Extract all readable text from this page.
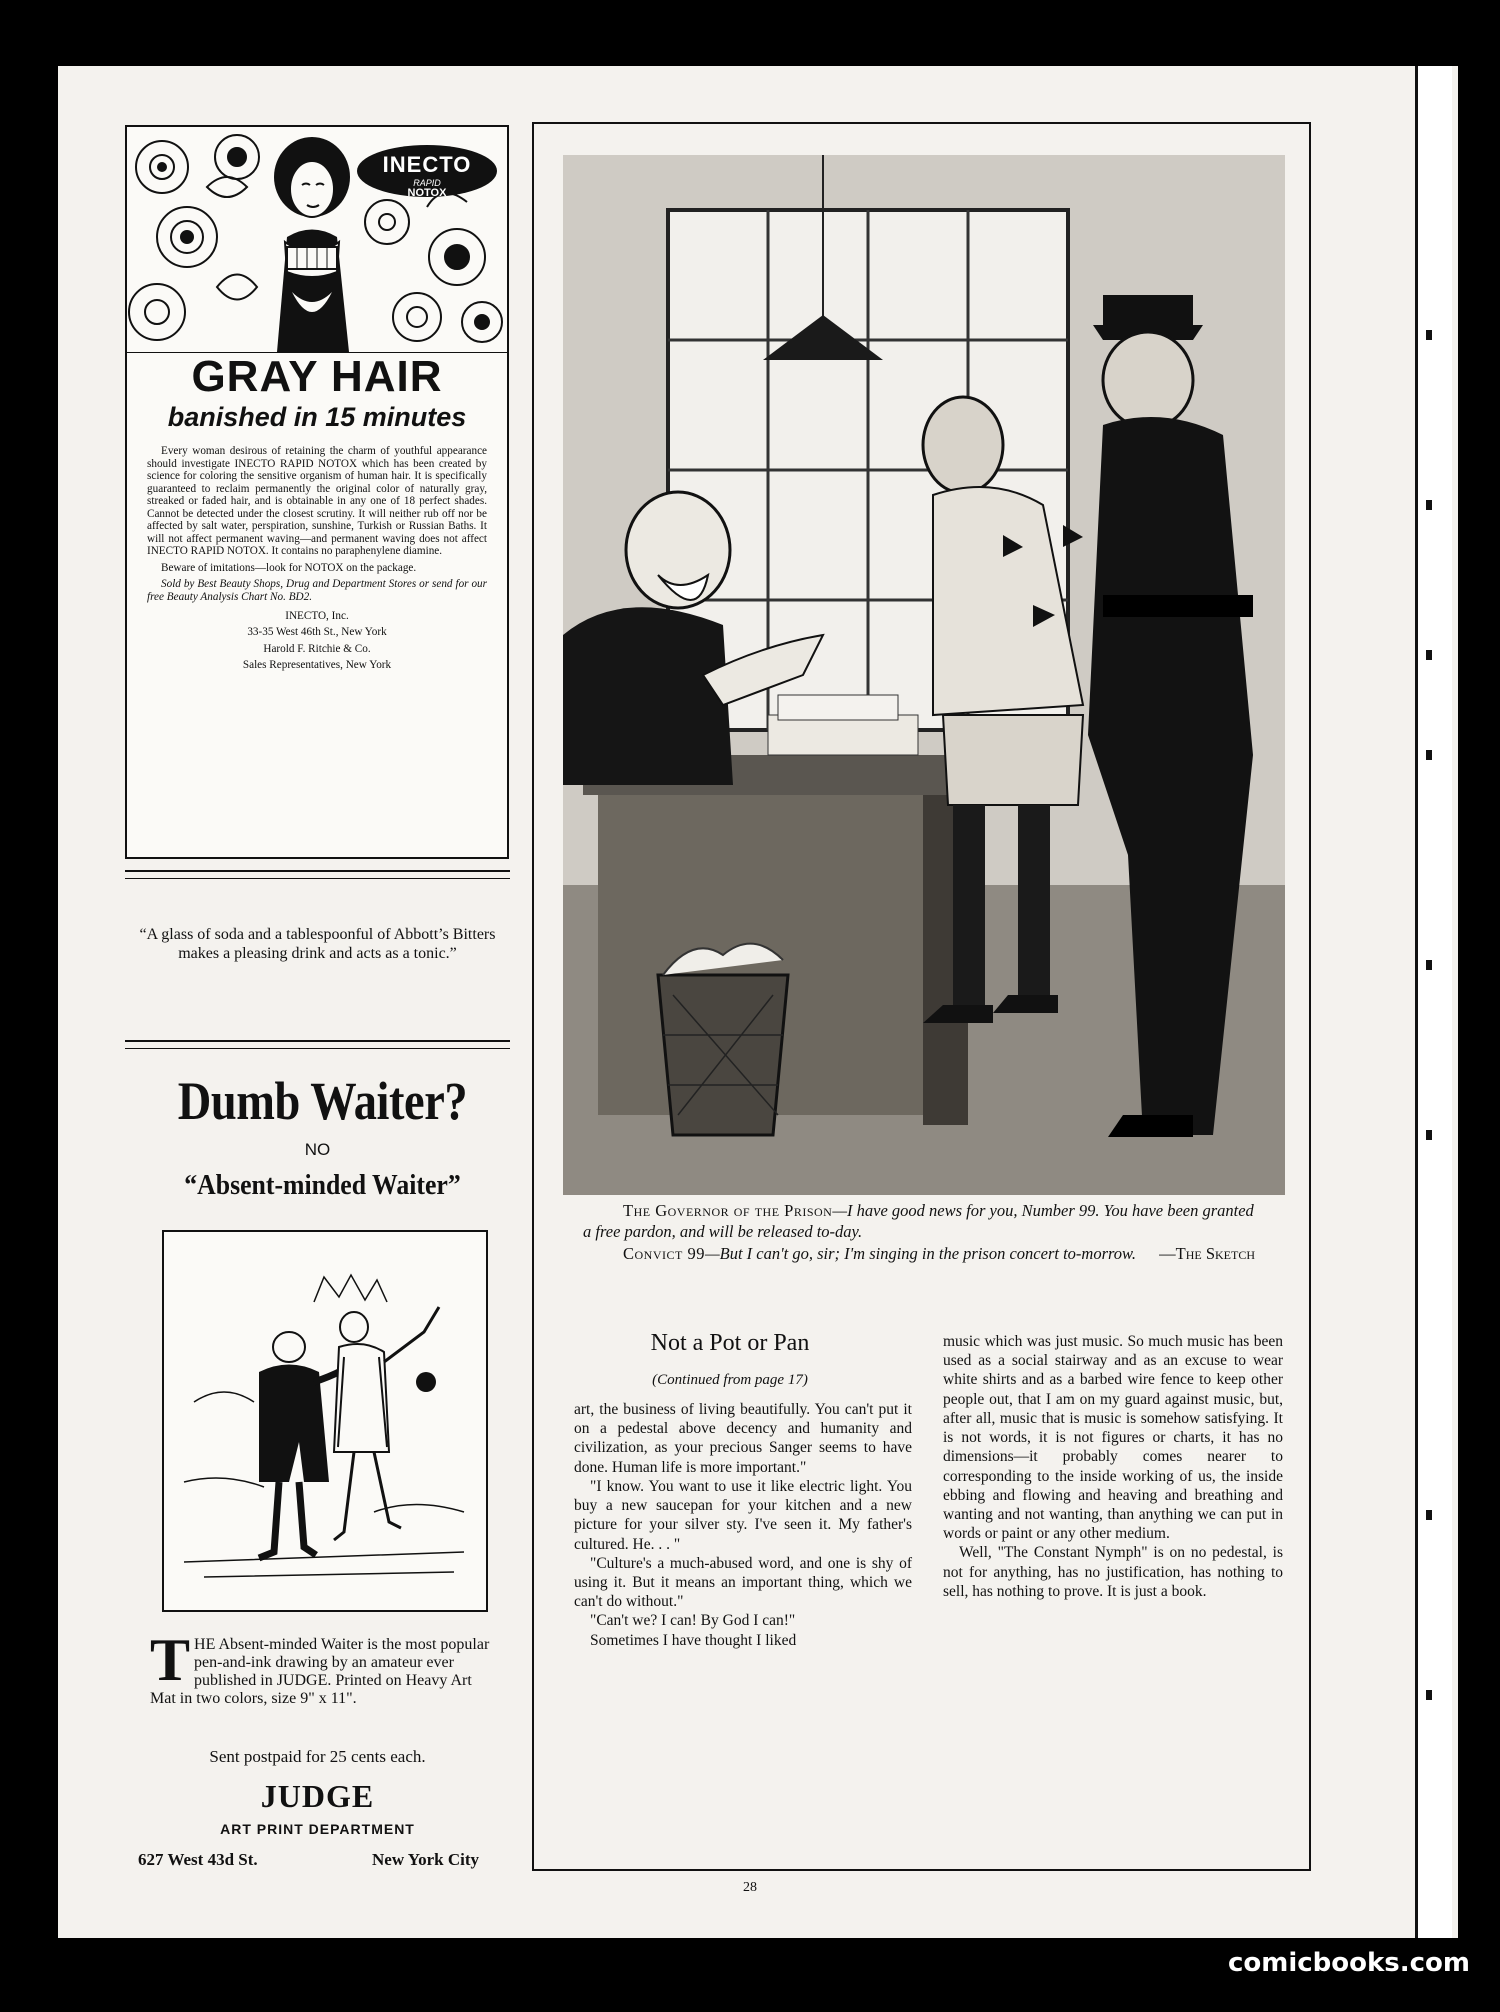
INECTO
RAPID
NOTOX
GRAY HAIR
banished in 15 minutes

Every woman desirous of retaining the charm of youthful appearance should investigate INECTO RAPID NOTOX which has been created by science for coloring the sensitive organism of human hair. It is specifically guaranteed to reclaim permanently the original color of naturally gray, streaked or faded hair, and is obtainable in any one of 18 perfect shades. Cannot be detected under the closest scrutiny. It will neither rub off nor be affected by salt water, perspiration, sunshine, Turkish or Russian Baths. It will not affect permanent waving—and permanent waving does not affect INECTO RAPID NOTOX. It contains no paraphenylene diamine.

Beware of imitations—look for NOTOX on the package.

Sold by Best Beauty Shops, Drug and Department Stores or send for our free Beauty Analysis Chart No. BD2.

INECTO, Inc.

33-35 West 46th St., New York

Harold F. Ritchie & Co.

Sales Representatives, New York

“A glass of soda and a tablespoonful of Abbott’s Bitters makes a pleasing drink and acts as a tonic.”
Dumb Waiter?
NO
“Absent-minded Waiter”
THE Absent-minded Waiter is the most popular pen-and-ink drawing by an amateur ever published in JUDGE. Printed on Heavy Art Mat in two colors, size 9" x 11".
Sent postpaid for 25 cents each.
JUDGE
ART PRINT DEPARTMENT
627 West 43d St.	New York City
The Governor of the Prison—I have good news for you, Number 99. You have been granted a free pardon, and will be released to-day.
Convict 99—But I can't go, sir; I'm singing in the prison concert to-morrow. —The Sketch
Not a Pot or Pan
(Continued from page 17)

art, the business of living beautifully. You can't put it on a pedestal above decency and humanity and civilization, as your precious Sanger seems to have done. Human life is more important."

"I know. You want to use it like electric light. You buy a new saucepan for your kitchen and a new picture for your silver sty. I've seen it. My father's cultured. He. . . "

"Culture's a much-abused word, and one is shy of using it. But it means an important thing, which we can't do without."

"Can't we? I can! By God I can!"

Sometimes I have thought I liked

music which was just music. So much music has been used as a social stairway and as an excuse to wear white shirts and as a barbed wire fence to keep other people out, that I am on my guard against music, but, after all, music that is music is somehow satisfying. It is not words, it is not figures or charts, it has no dimensions—it probably comes nearer to corresponding to the inside working of us, the inside ebbing and flowing and heaving and breathing and wanting and not wanting, than anything we can put in words or paint or any other medium.

Well, "The Constant Nymph" is on no pedestal, is not for anything, has no justification, has nothing to sell, has nothing to prove. It is just a book.

28
comicbooks.com
